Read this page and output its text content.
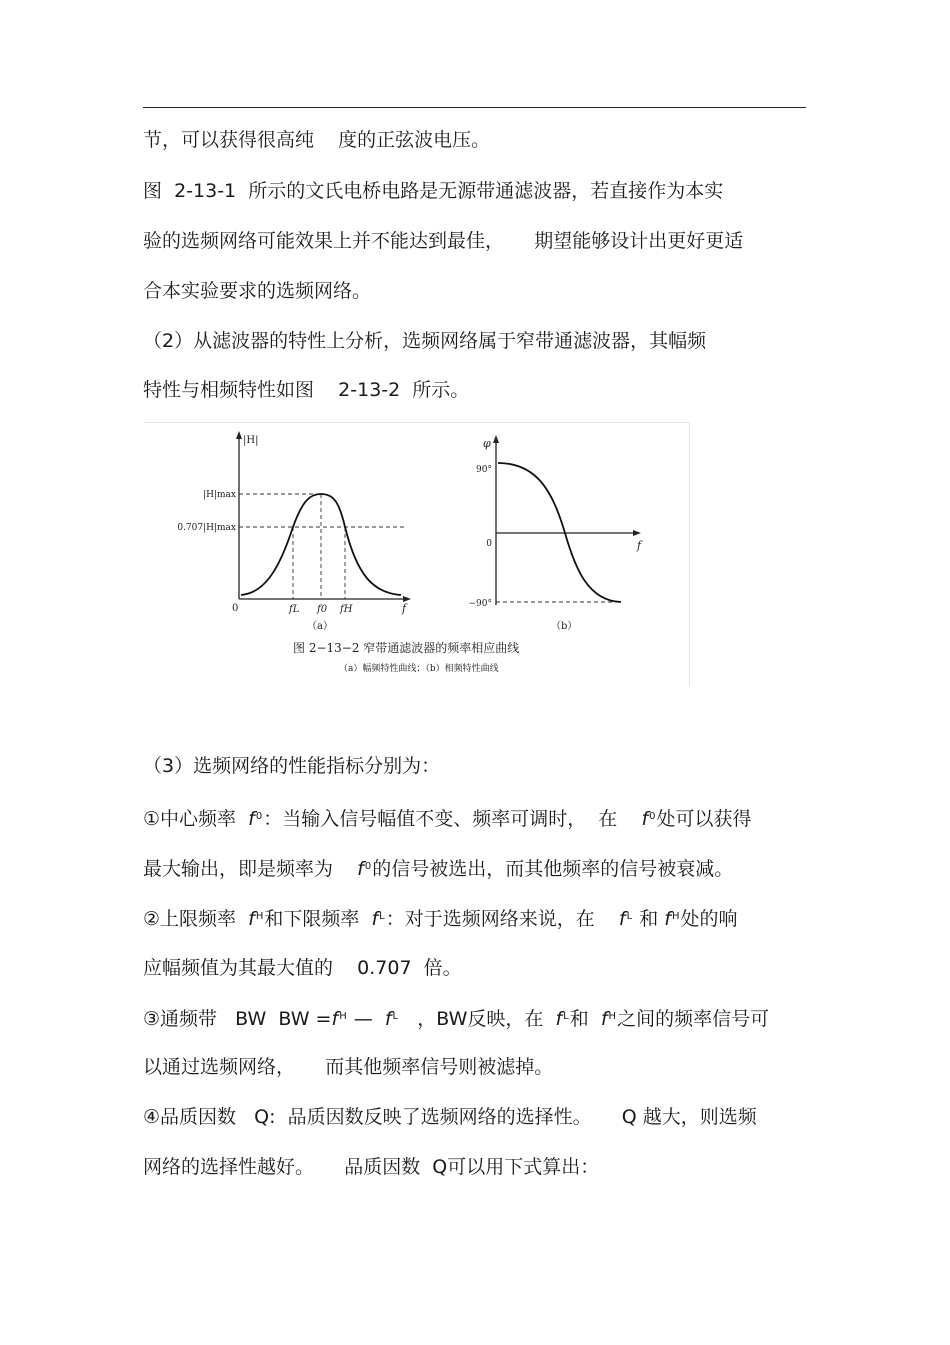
节，可以获得很高纯    度的正弦波电压。
图  2-13-1  所示的文氏电桥电路是无源带通滤波器，若直接作为本实
验的选频网络可能效果上并不能达到最佳，     期望能够设计出更好更适
合本实验要求的选频网络。
（2）从滤波器的特性上分析，选频网络属于窄带通滤波器，其幅频
特性与相频特性如图    2-13-2  所示。
|H|
|H|max
0.707|H|max
0	fL f0 fH	f
（a）
φ
90°
0
−90°
f
（b）
图 2−13−2 窄带通滤波器的频率相应曲线
（a）幅频特性曲线；（b）相频特性曲线
（3）选频网络的性能指标分别为：
①中心频率  $f^0$：当输入信号幅值不变、频率可调时，  在    $f^0$处可以获得
最大输出，即是频率为    $f^0$的信号被选出，而其他频率的信号被衰减。
②上限频率  $f^H$和下限频率  $f^L$：对于选频网络来说，在    $f^L$ 和 $f^H$处的响
应幅频值为其最大值的    0.707  倍。
③通频带   BW  BW $=f^H$ —  $f^L$   ，BW反映，在  $f^L$和  $f^H$之间的频率信号可
以通过选频网络，     而其他频率信号则被滤掉。
④品质因数   Q:  品质因数反映了选频网络的选择性。     Q 越大，则选频
网络的选择性越好。     品质因数  Q可以用下式算出：
